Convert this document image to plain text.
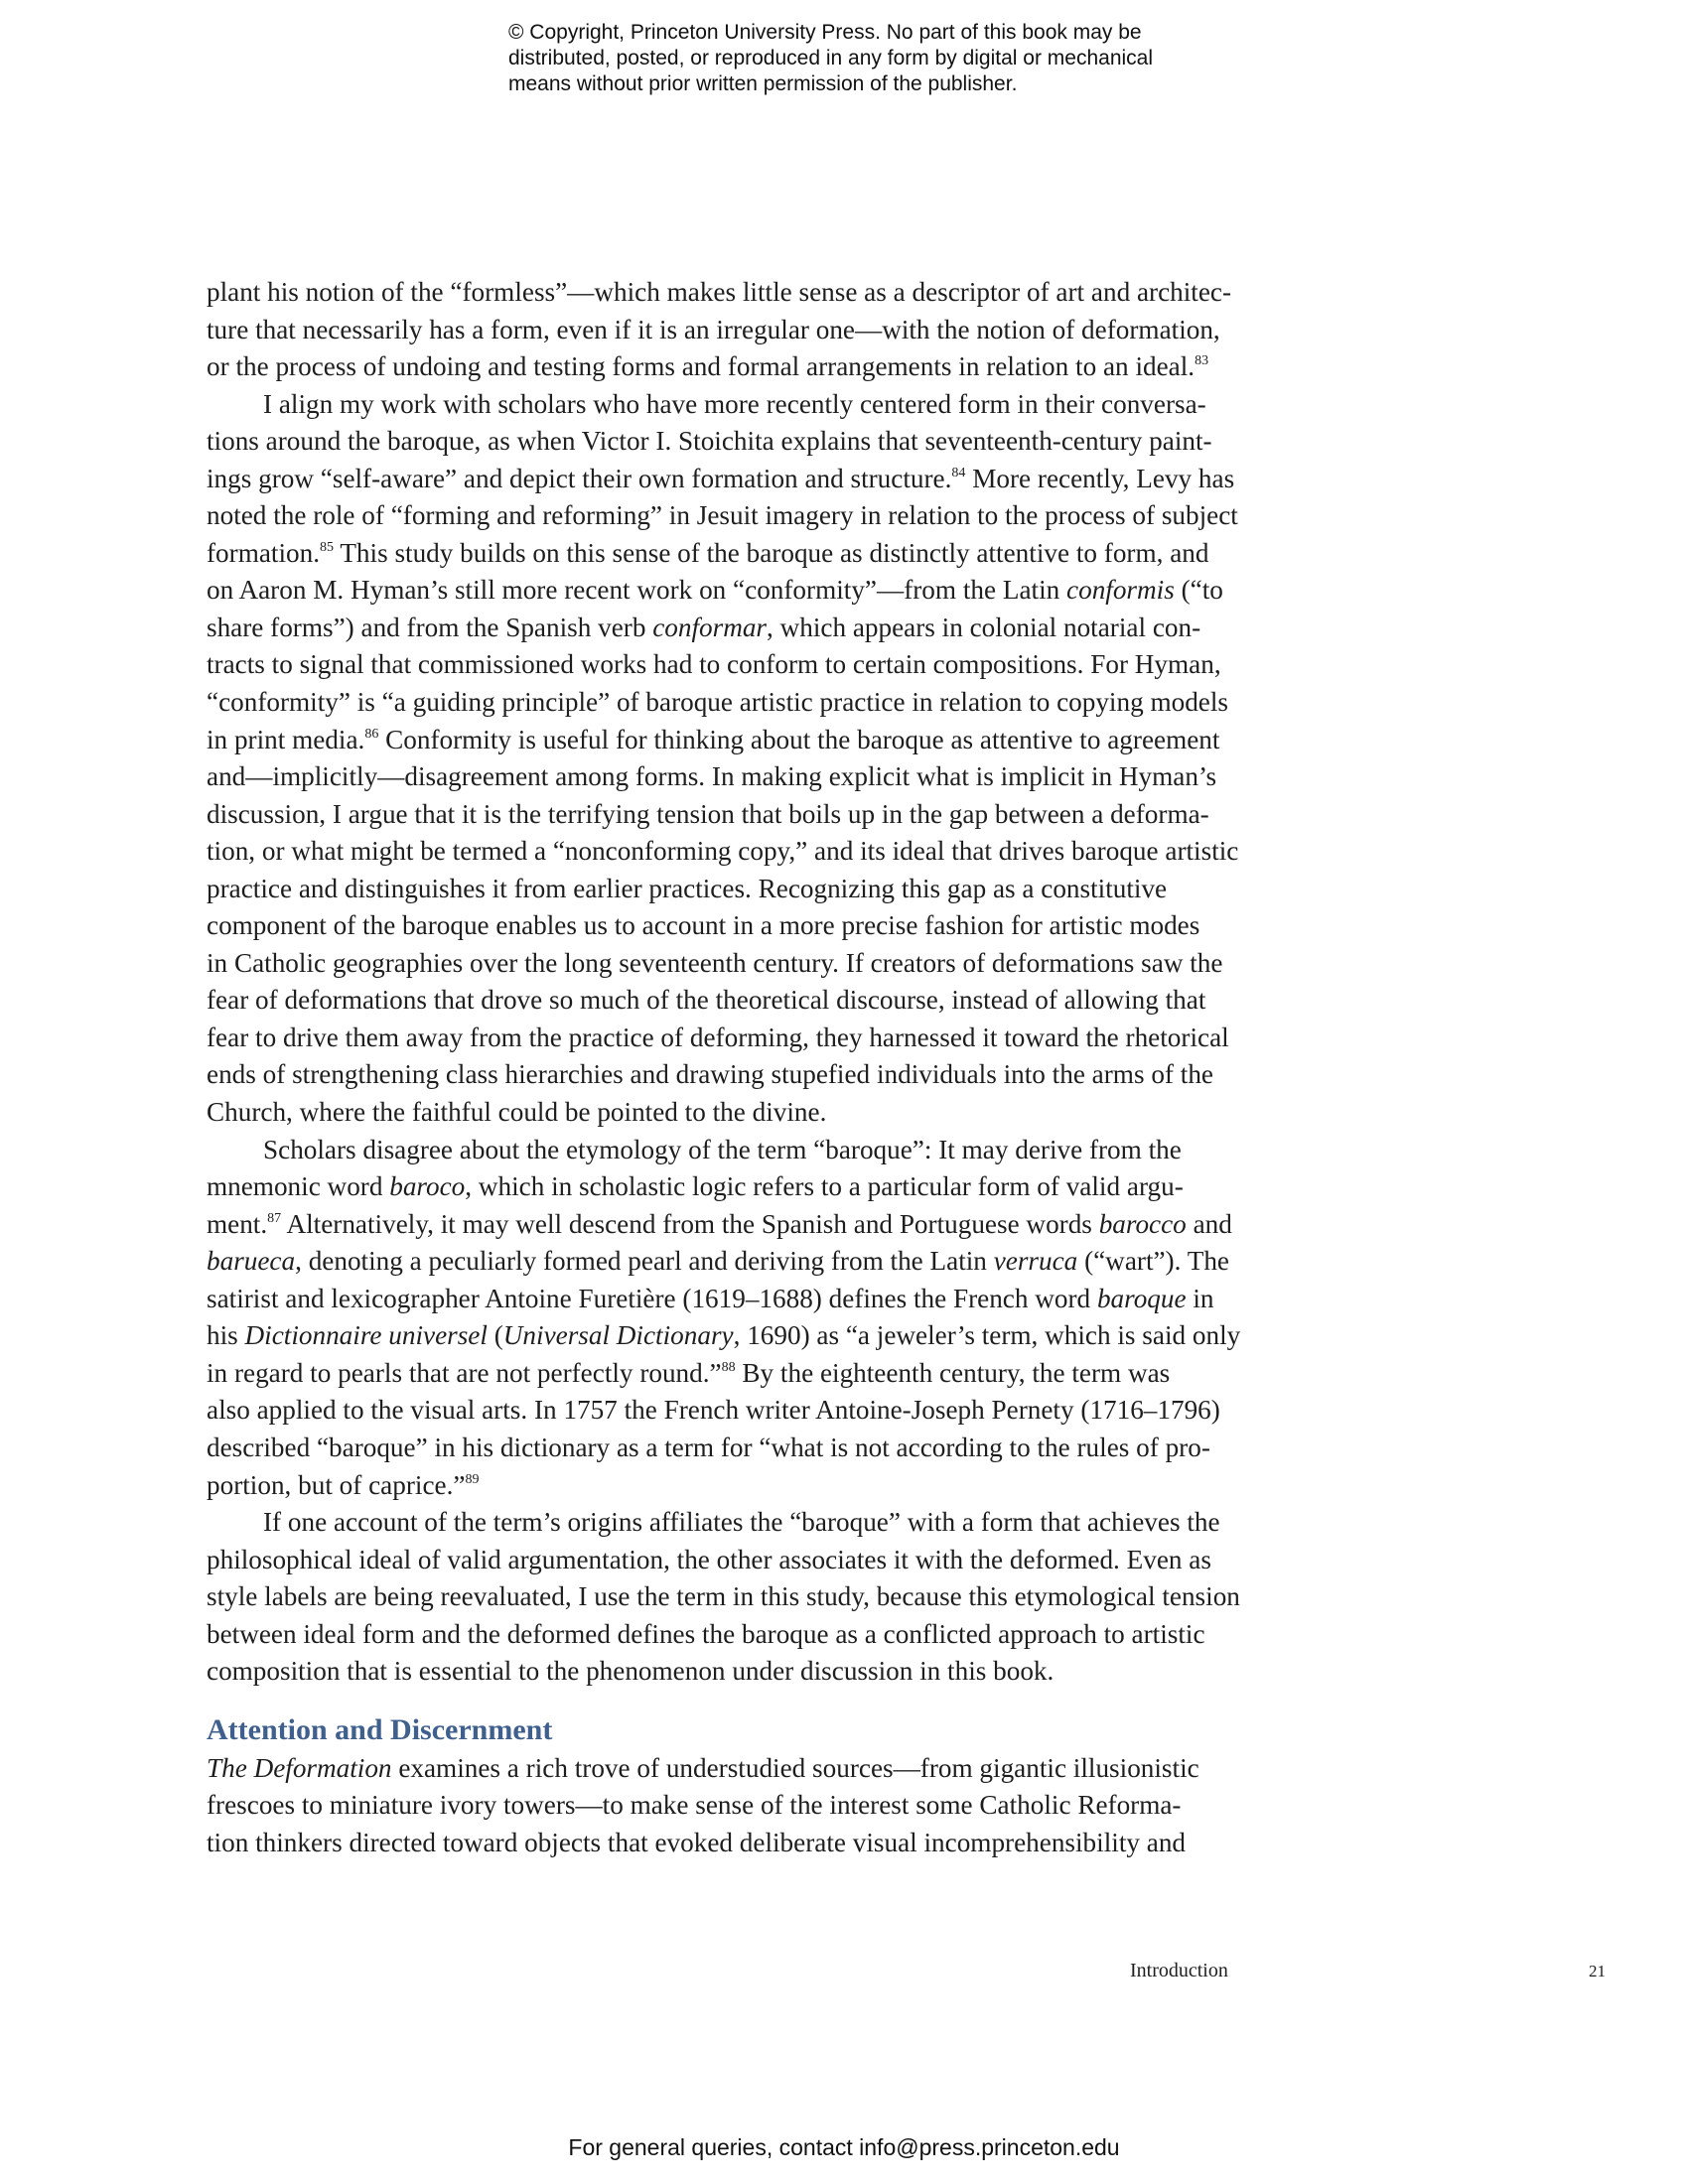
© Copyright, Princeton University Press. No part of this book may be
distributed, posted, or reproduced in any form by digital or mechanical
means without prior written permission of the publisher.
plant his notion of the “formless”—which makes little sense as a descriptor of art and architec-
ture that necessarily has a form, even if it is an irregular one—with the notion of deformation,
or the process of undoing and testing forms and formal arrangements in relation to an ideal.$^{83}$
I align my work with scholars who have more recently centered form in their conversa-
tions around the baroque, as when Victor I. Stoichita explains that seventeenth-century paint-
ings grow “self-aware” and depict their own formation and structure.$^{84}$ More recently, Levy has
noted the role of “forming and reforming” in Jesuit imagery in relation to the process of subject
formation.$^{85}$ This study builds on this sense of the baroque as distinctly attentive to form, and
on Aaron M. Hyman’s still more recent work on “conformity”—from the Latin conformis (“to
share forms”) and from the Spanish verb conformar, which appears in colonial notarial con-
tracts to signal that commissioned works had to conform to certain compositions. For Hyman,
“conformity” is “a guiding principle” of baroque artistic practice in relation to copying models
in print media.$^{86}$ Conformity is useful for thinking about the baroque as attentive to agreement
and—implicitly—disagreement among forms. In making explicit what is implicit in Hyman’s
discussion, I argue that it is the terrifying tension that boils up in the gap between a deforma-
tion, or what might be termed a “nonconforming copy,” and its ideal that drives baroque artistic
practice and distinguishes it from earlier practices. Recognizing this gap as a constitutive
component of the baroque enables us to account in a more precise fashion for artistic modes
in Catholic geographies over the long seventeenth century. If creators of deformations saw the
fear of deformations that drove so much of the theoretical discourse, instead of allowing that
fear to drive them away from the practice of deforming, they harnessed it toward the rhetorical
ends of strengthening class hierarchies and drawing stupefied individuals into the arms of the
Church, where the faithful could be pointed to the divine.
Scholars disagree about the etymology of the term “baroque”: It may derive from the
mnemonic word baroco, which in scholastic logic refers to a particular form of valid argu-
ment.$^{87}$ Alternatively, it may well descend from the Spanish and Portuguese words barocco and
barueca, denoting a peculiarly formed pearl and deriving from the Latin verruca (“wart”). The
satirist and lexicographer Antoine Furetière (1619–1688) defines the French word baroque in
his Dictionnaire universel (Universal Dictionary, 1690) as “a jeweler’s term, which is said only
in regard to pearls that are not perfectly round.”$^{88}$ By the eighteenth century, the term was
also applied to the visual arts. In 1757 the French writer Antoine-Joseph Pernety (1716–1796)
described “baroque” in his dictionary as a term for “what is not according to the rules of pro-
portion, but of caprice.”$^{89}$
If one account of the term’s origins affiliates the “baroque” with a form that achieves the
philosophical ideal of valid argumentation, the other associates it with the deformed. Even as
style labels are being reevaluated, I use the term in this study, because this etymological tension
between ideal form and the deformed defines the baroque as a conflicted approach to artistic
composition that is essential to the phenomenon under discussion in this book.
Attention and Discernment
The Deformation examines a rich trove of understudied sources—from gigantic illusionistic
frescoes to miniature ivory towers—to make sense of the interest some Catholic Reforma-
tion thinkers directed toward objects that evoked deliberate visual incomprehensibility and
Introduction	21
For general queries, contact info@press.princeton.edu
